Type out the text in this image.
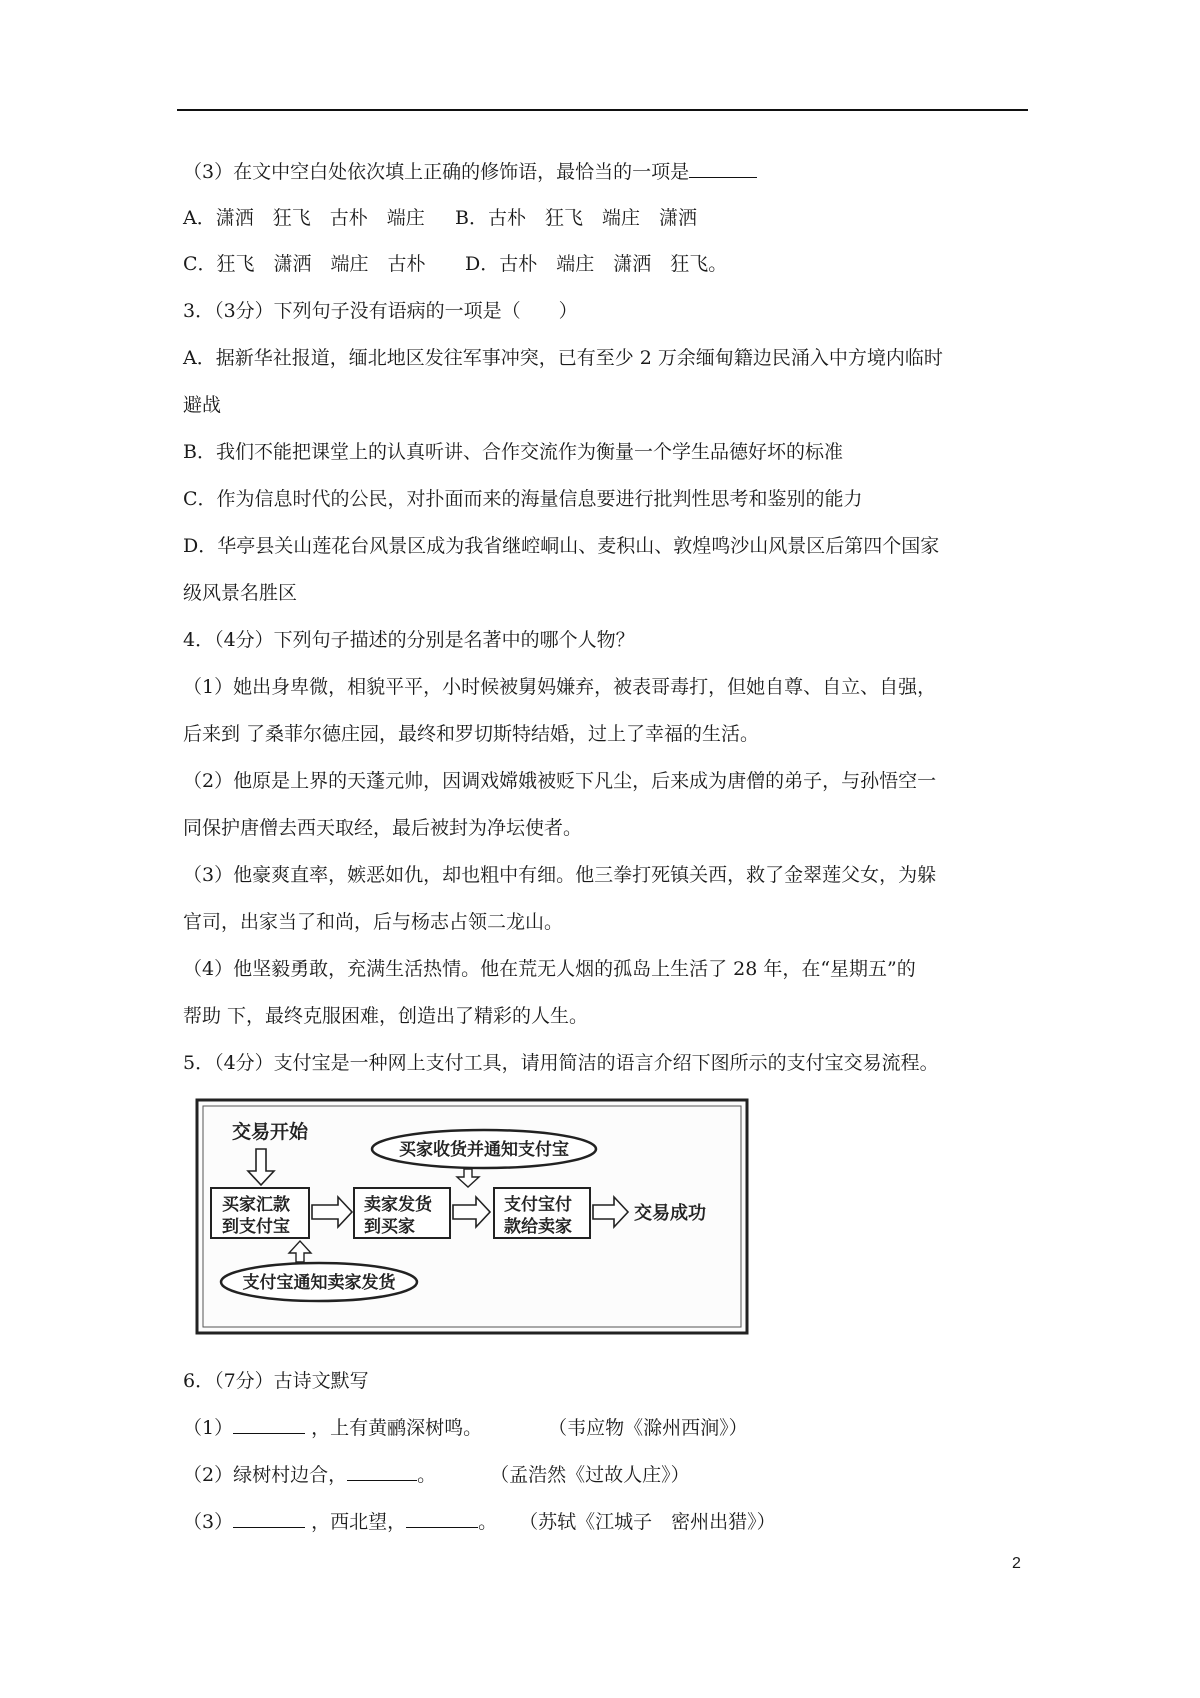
（3）在文中空白处依次填上正确的修饰语，最恰当的一项是
A．潇洒　狂飞　古朴　端庄 B．古朴　狂飞　端庄　潇洒
C．狂飞　潇洒　端庄　古朴 D．古朴　端庄　潇洒　狂飞。
3．（3分）下列句子没有语病的一项是（　　）
A．据新华社报道，缅北地区发往军事冲突，已有至少 2 万余缅甸籍边民涌入中方境内临时
避战
B．我们不能把课堂上的认真听讲、合作交流作为衡量一个学生品德好坏的标准
C．作为信息时代的公民，对扑面而来的海量信息要进行批判性思考和鉴别的能力
D．华亭县关山莲花台风景区成为我省继崆峒山、麦积山、敦煌鸣沙山风景区后第四个国家
级风景名胜区
4．（4分）下列句子描述的分别是名著中的哪个人物？
（1）她出身卑微，相貌平平，小时候被舅妈嫌弃，被表哥毒打，但她自尊、自立、自强，
后来到 了桑菲尔德庄园，最终和罗切斯特结婚，过上了幸福的生活。
（2）他原是上界的天蓬元帅，因调戏嫦娥被贬下凡尘，后来成为唐僧的弟子，与孙悟空一
同保护唐僧去西天取经，最后被封为净坛使者。
（3）他豪爽直率，嫉恶如仇，却也粗中有细。他三拳打死镇关西，救了金翠莲父女，为躲
官司，出家当了和尚，后与杨志占领二龙山。
（4）他坚毅勇敢，充满生活热情。他在荒无人烟的孤岛上生活了 28 年，在“星期五”的
帮助 下，最终克服困难，创造出了精彩的人生。
5．（4分）支付宝是一种网上支付工具，请用简洁的语言介绍下图所示的支付宝交易流程。
交易开始
买家汇款
到支付宝
卖家发货
到买家
支付宝付
款给卖家
交易成功
买家收货并通知支付宝
支付宝通知卖家发货
6．（7分）古诗文默写
（1）	，上有黄鹂深树鸣。	（韦应物《滁州西涧》）
（2）绿树村边合，	。	（孟浩然《过故人庄》）
（3）	，西北望，	。 （苏轼《江城子　密州出猎》）
2
